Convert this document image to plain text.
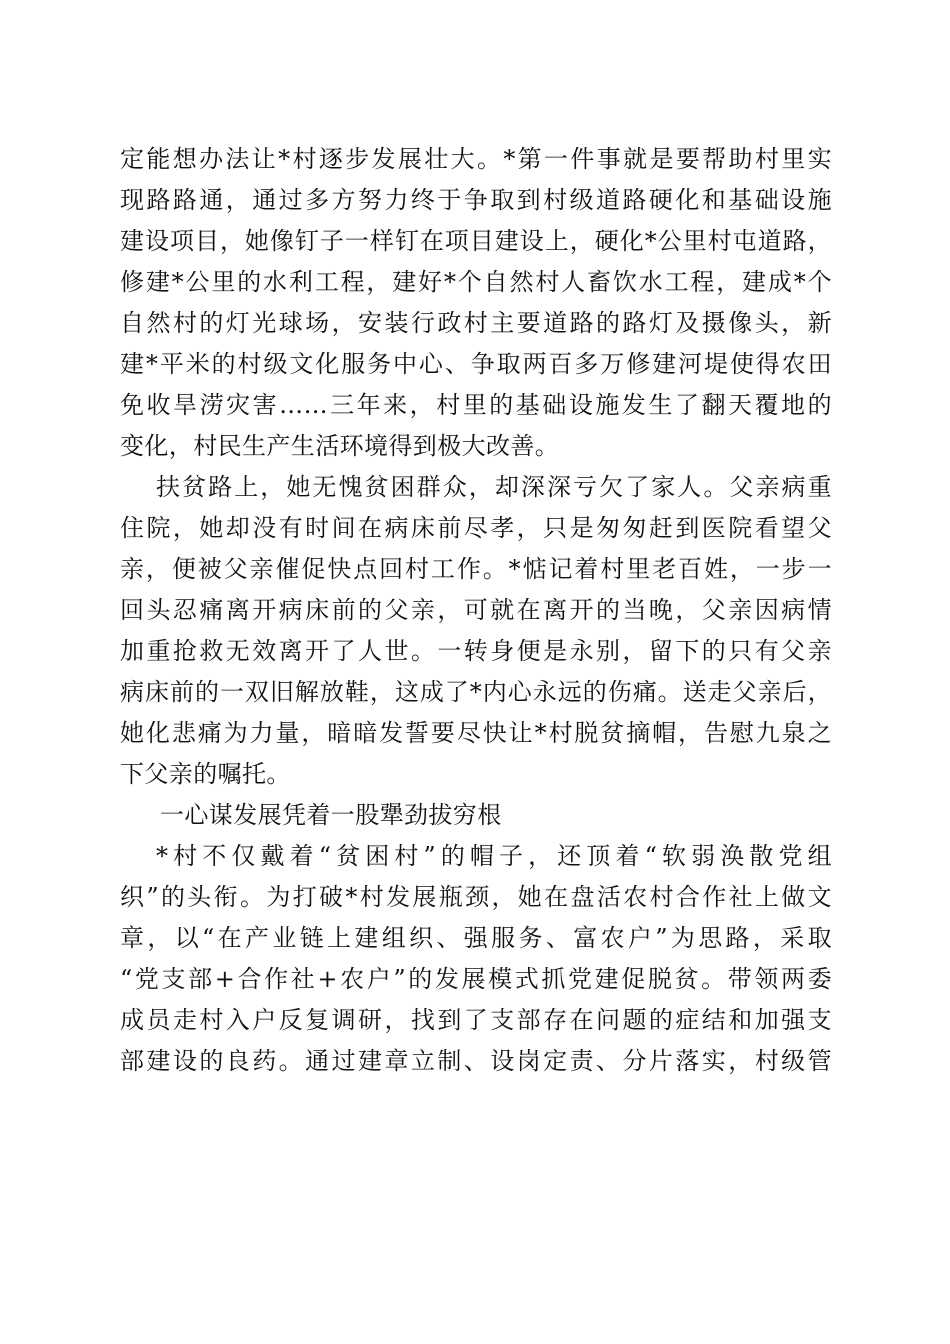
定能想办法让*村逐步发展壮大。*第一件事就是要帮助村里实
现路路通，通过多方努力终于争取到村级道路硬化和基础设施
建设项目，她像钉子一样钉在项目建设上，硬化*公里村屯道路，
修建*公里的水利工程，建好*个自然村人畜饮水工程，建成*个
自然村的灯光球场，安装行政村主要道路的路灯及摄像头，新
建*平米的村级文化服务中心、争取两百多万修建河堤使得农田
免收旱涝灾害……三年来，村里的基础设施发生了翻天覆地的
变化，村民生产生活环境得到极大改善。
扶贫路上，她无愧贫困群众，却深深亏欠了家人。父亲病重
住院，她却没有时间在病床前尽孝，只是匆匆赶到医院看望父
亲，便被父亲催促快点回村工作。*惦记着村里老百姓，一步一
回头忍痛离开病床前的父亲，可就在离开的当晚，父亲因病情
加重抢救无效离开了人世。一转身便是永别，留下的只有父亲
病床前的一双旧解放鞋，这成了*内心永远的伤痛。送走父亲后，
她化悲痛为力量，暗暗发誓要尽快让*村脱贫摘帽，告慰九泉之
下父亲的嘱托。
一心谋发展凭着一股犟劲拔穷根
*村不仅戴着“贫困村”的帽子，还顶着“软弱涣散党组
织”的头衔。为打破*村发展瓶颈，她在盘活农村合作社上做文
章，以“在产业链上建组织、强服务、富农户”为思路，采取
“党支部+合作社+农户”的发展模式抓党建促脱贫。带领两委
成员走村入户反复调研，找到了支部存在问题的症结和加强支
部建设的良药。通过建章立制、设岗定责、分片落实，村级管
